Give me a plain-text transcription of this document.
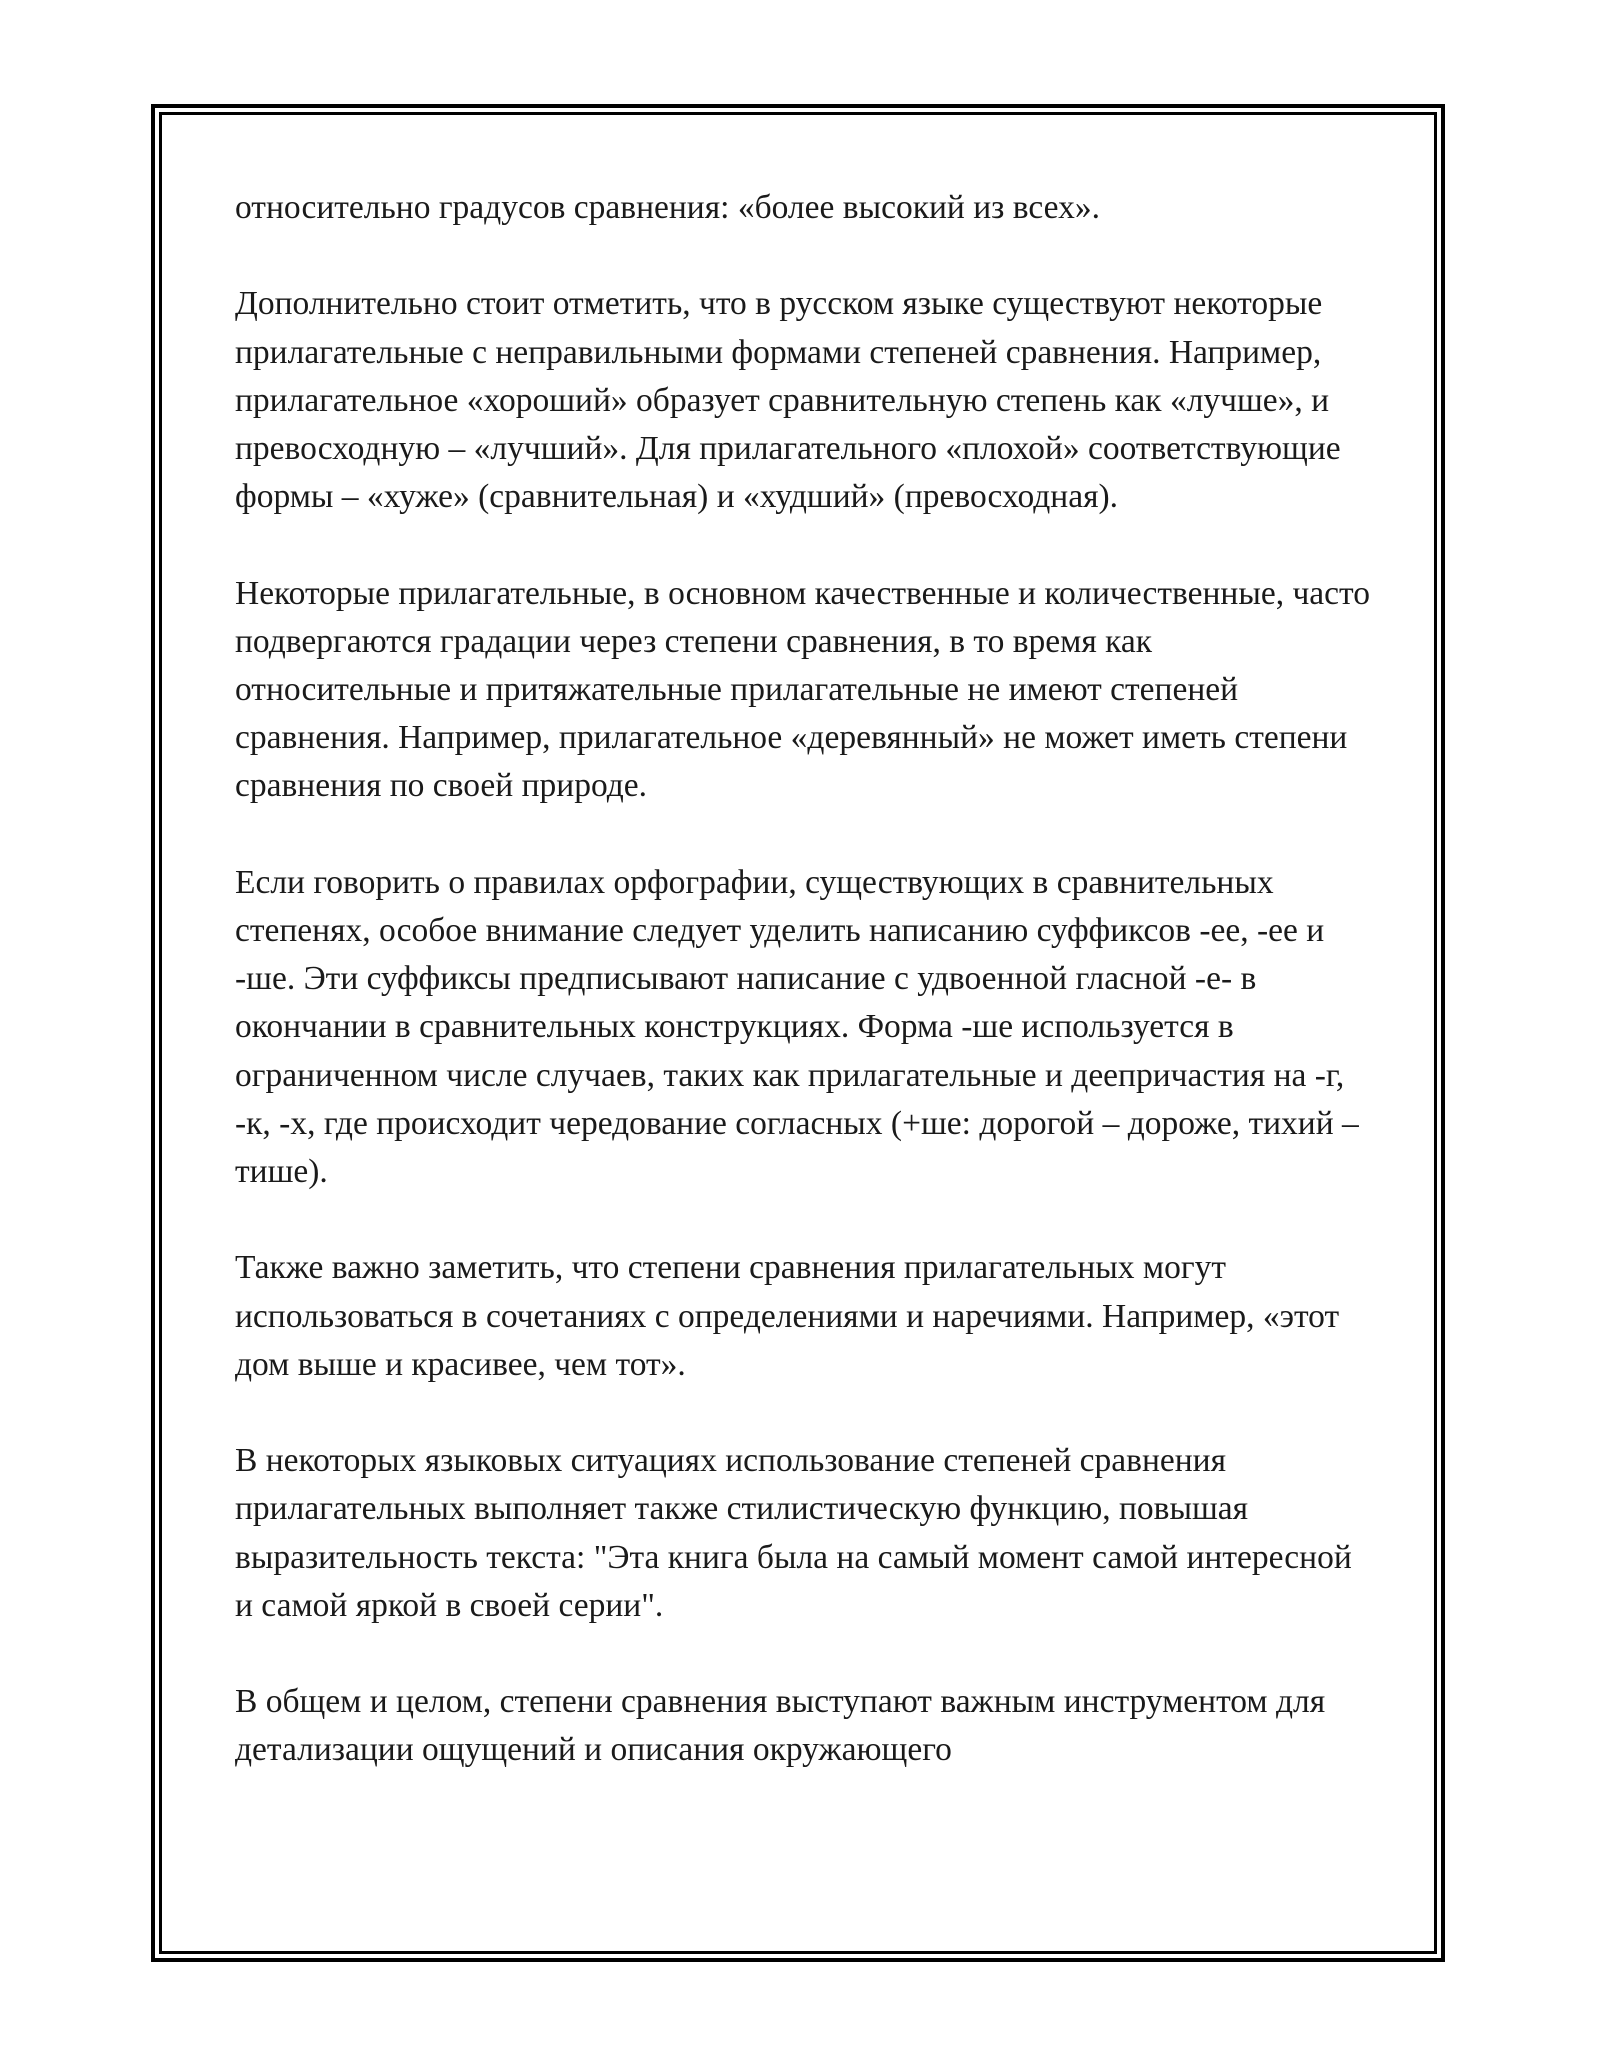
относительно градусов сравнения: «более высокий из всех».

Дополнительно стоит отметить, что в русском языке существуют некоторые прилагательные с неправильными формами степеней сравнения. Например, прилагательное «хороший» образует сравнительную степень как «лучше», и превосходную – «лучший». Для прилагательного «плохой» соответствующие формы – «хуже» (сравнительная) и «худший» (превосходная).

Некоторые прилагательные, в основном качественные и количественные, часто подвергаются градации через степени сравнения, в то время как относительные и притяжательные прилагательные не имеют степеней сравнения. Например, прилагательное «деревянный» не может иметь степени сравнения по своей природе.

Если говорить о правилах орфографии, существующих в сравнительных степенях, особое внимание следует уделить написанию суффиксов -ее, -ее и -ше. Эти суффиксы предписывают написание с удвоенной гласной -е- в окончании в сравнительных конструкциях. Форма -ше используется в ограниченном числе случаев, таких как прилагательные и деепричастия на -г, -к, -х, где происходит чередование согласных (+ше: дорогой – дороже, тихий – тише).

Также важно заметить, что степени сравнения прилагательных могут использоваться в сочетаниях с определениями и наречиями. Например, «этот дом выше и красивее, чем тот».

В некоторых языковых ситуациях использование степеней сравнения прилагательных выполняет также стилистическую функцию, повышая выразительность текста: "Эта книга была на самый момент самой интересной и самой яркой в своей серии".

В общем и целом, степени сравнения выступают важным инструментом для детализации ощущений и описания окружающего
